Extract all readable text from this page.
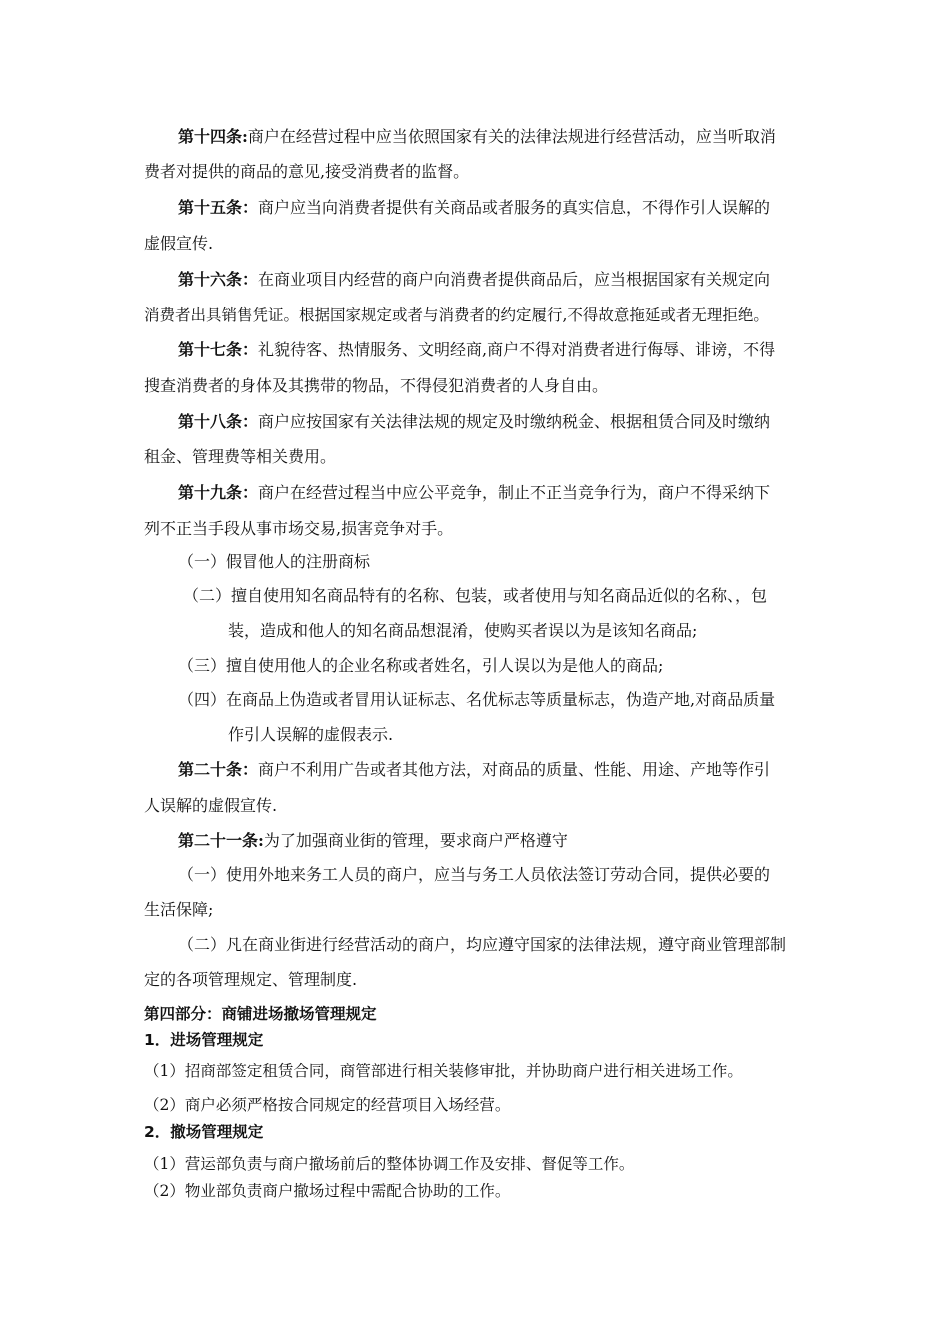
第十四条:商户在经营过程中应当依照国家有关的法律法规进行经营活动，应当听取消
费者对提供的商品的意见,接受消费者的监督。
第十五条：商户应当向消费者提供有关商品或者服务的真实信息，不得作引人误解的
虚假宣传.
第十六条：在商业项目内经营的商户向消费者提供商品后，应当根据国家有关规定向
消费者出具销售凭证。根据国家规定或者与消费者的约定履行,不得故意拖延或者无理拒绝。
第十七条：礼貌待客、热情服务、文明经商,商户不得对消费者进行侮辱、诽谤，不得
搜查消费者的身体及其携带的物品，不得侵犯消费者的人身自由。
第十八条：商户应按国家有关法律法规的规定及时缴纳税金、根据租赁合同及时缴纳
租金、管理费等相关费用。
第十九条：商户在经营过程当中应公平竞争，制止不正当竞争行为，商户不得采纳下
列不正当手段从事市场交易,损害竞争对手。
（一）假冒他人的注册商标
（二）擅自使用知名商品特有的名称、包装，或者使用与知名商品近似的名称、，包
装，造成和他人的知名商品想混淆，使购买者误以为是该知名商品;
（三）擅自使用他人的企业名称或者姓名，引人误以为是他人的商品;
（四）在商品上伪造或者冒用认证标志、名优标志等质量标志，伪造产地,对商品质量
作引人误解的虚假表示.
第二十条：商户不利用广告或者其他方法，对商品的质量、性能、用途、产地等作引
人误解的虚假宣传.
第二十一条:为了加强商业街的管理，要求商户严格遵守
（一）使用外地来务工人员的商户，应当与务工人员依法签订劳动合同，提供必要的
生活保障;
（二）凡在商业街进行经营活动的商户，均应遵守国家的法律法规，遵守商业管理部制
定的各项管理规定、管理制度.
第四部分：商铺进场撤场管理规定
1．进场管理规定
（1）招商部签定租赁合同，商管部进行相关装修审批，并协助商户进行相关进场工作。
（2）商户必须严格按合同规定的经营项目入场经营。
2．撤场管理规定
（1）营运部负责与商户撤场前后的整体协调工作及安排、督促等工作。
（2）物业部负责商户撤场过程中需配合协助的工作。
